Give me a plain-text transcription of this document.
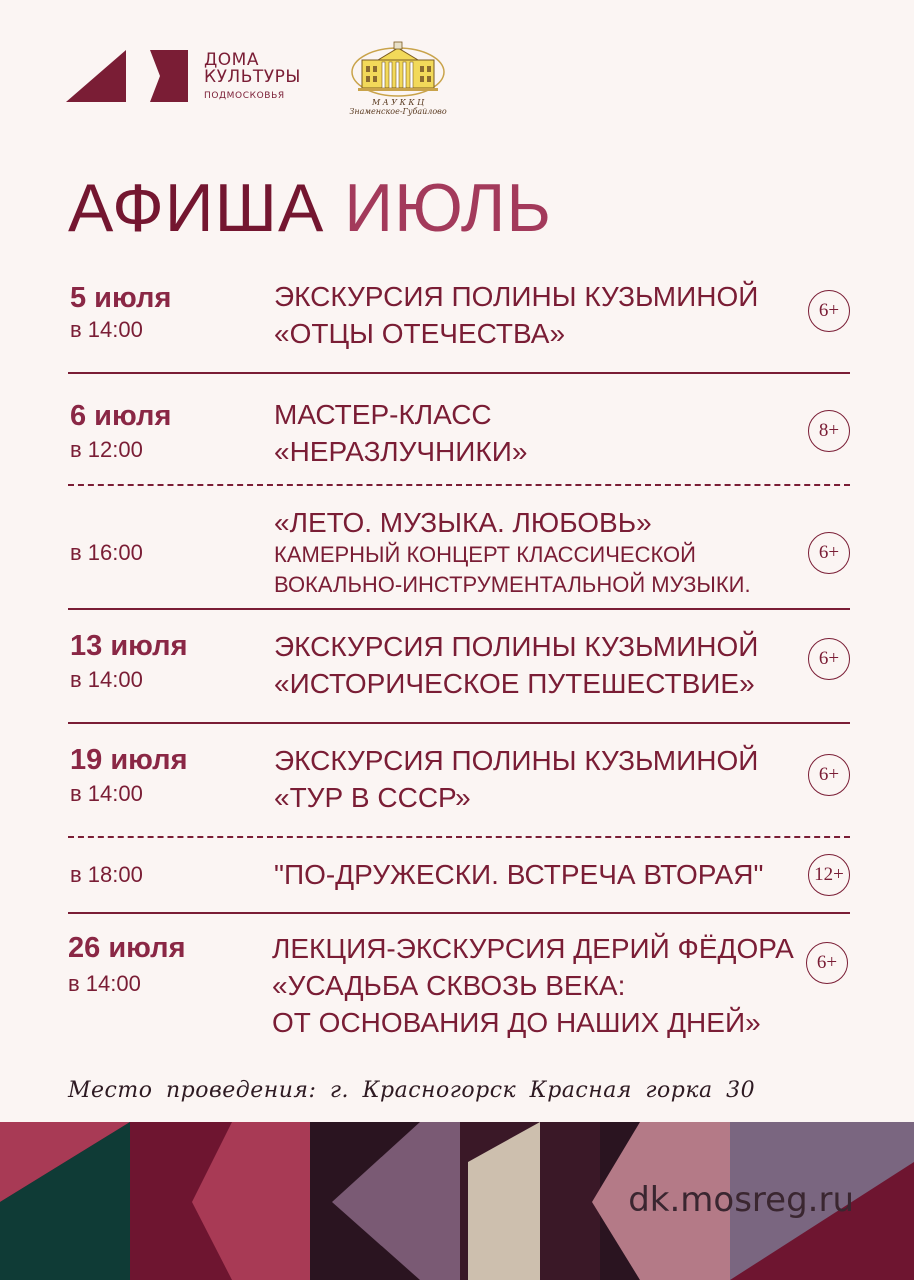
ДОМА
КУЛЬТУРЫ
ПОДМОСКОВЬЯ
М А У К К Ц
Знаменское-Губайлово
АФИША ИЮЛЬ
5 июля
в 14:00
ЭКСКУРСИЯ ПОЛИНЫ КУЗЬМИНОЙ
«ОТЦЫ ОТЕЧЕСТВА»
6+
6 июля
в 12:00
МАСТЕР-КЛАСС
«НЕРАЗЛУЧНИКИ»
8+
в 16:00
«ЛЕТО. МУЗЫКА. ЛЮБОВЬ»
КАМЕРНЫЙ КОНЦЕРТ КЛАССИЧЕСКОЙ
ВОКАЛЬНО-ИНСТРУМЕНТАЛЬНОЙ МУЗЫКИ.
6+
13 июля
в 14:00
ЭКСКУРСИЯ ПОЛИНЫ КУЗЬМИНОЙ
«ИСТОРИЧЕСКОЕ ПУТЕШЕСТВИЕ»
6+
19 июля
в 14:00
ЭКСКУРСИЯ ПОЛИНЫ КУЗЬМИНОЙ
«ТУР В СССР»
6+
в 18:00	"ПО-ДРУЖЕСКИ. ВСТРЕЧА ВТОРАЯ"	12+
26 июля
в 14:00
ЛЕКЦИЯ-ЭКСКУРСИЯ ДЕРИЙ ФЁДОРА
«УСАДЬБА СКВОЗЬ ВЕКА:
ОТ ОСНОВАНИЯ ДО НАШИХ ДНЕЙ»
6+
Место проведения: г. Красногорск Красная горка 30
dk.mosreg.ru
